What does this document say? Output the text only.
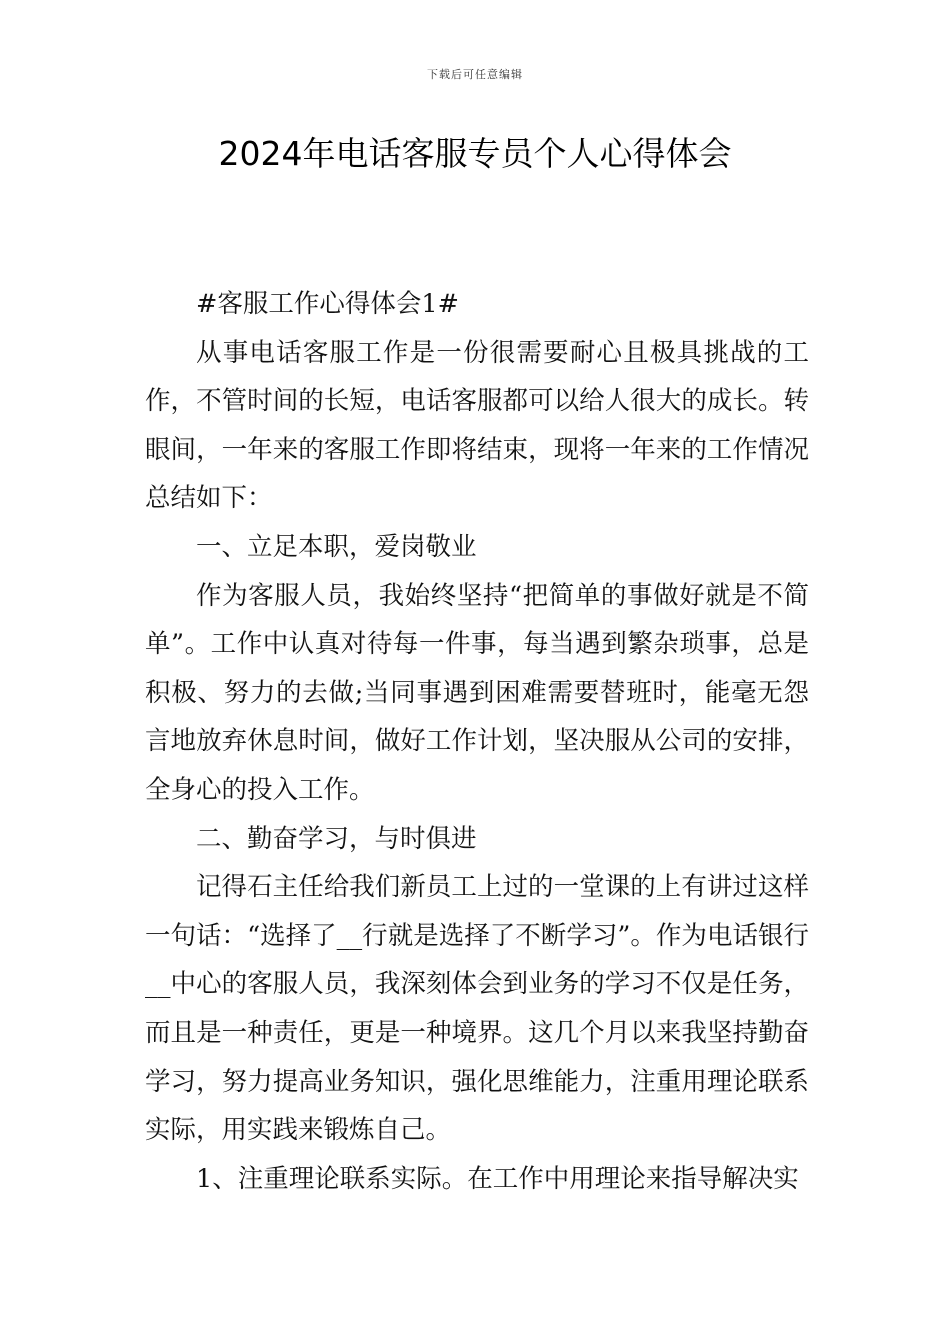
下载后可任意编辑
2024年电话客服专员个人心得体会

#客服工作心得体会1#

从事电话客服工作是一份很需要耐心且极具挑战的工作，不管时间的长短，电话客服都可以给人很大的成长。转眼间，一年来的客服工作即将结束，现将一年来的工作情况总结如下：

一、立足本职，爱岗敬业

作为客服人员，我始终坚持“把简单的事做好就是不简单”。工作中认真对待每一件事，每当遇到繁杂琐事，总是积极、努力的去做;当同事遇到困难需要替班时，能毫无怨言地放弃休息时间，做好工作计划，坚决服从公司的安排，全身心的投入工作。

二、勤奋学习，与时俱进

记得石主任给我们新员工上过的一堂课的上有讲过这样一句话：“选择了__行就是选择了不断学习”。作为电话银行__中心的客服人员，我深刻体会到业务的学习不仅是任务，而且是一种责任，更是一种境界。这几个月以来我坚持勤奋学习，努力提高业务知识，强化思维能力，注重用理论联系实际，用实践来锻炼自己。

1、注重理论联系实际。在工作中用理论来指导解决实
